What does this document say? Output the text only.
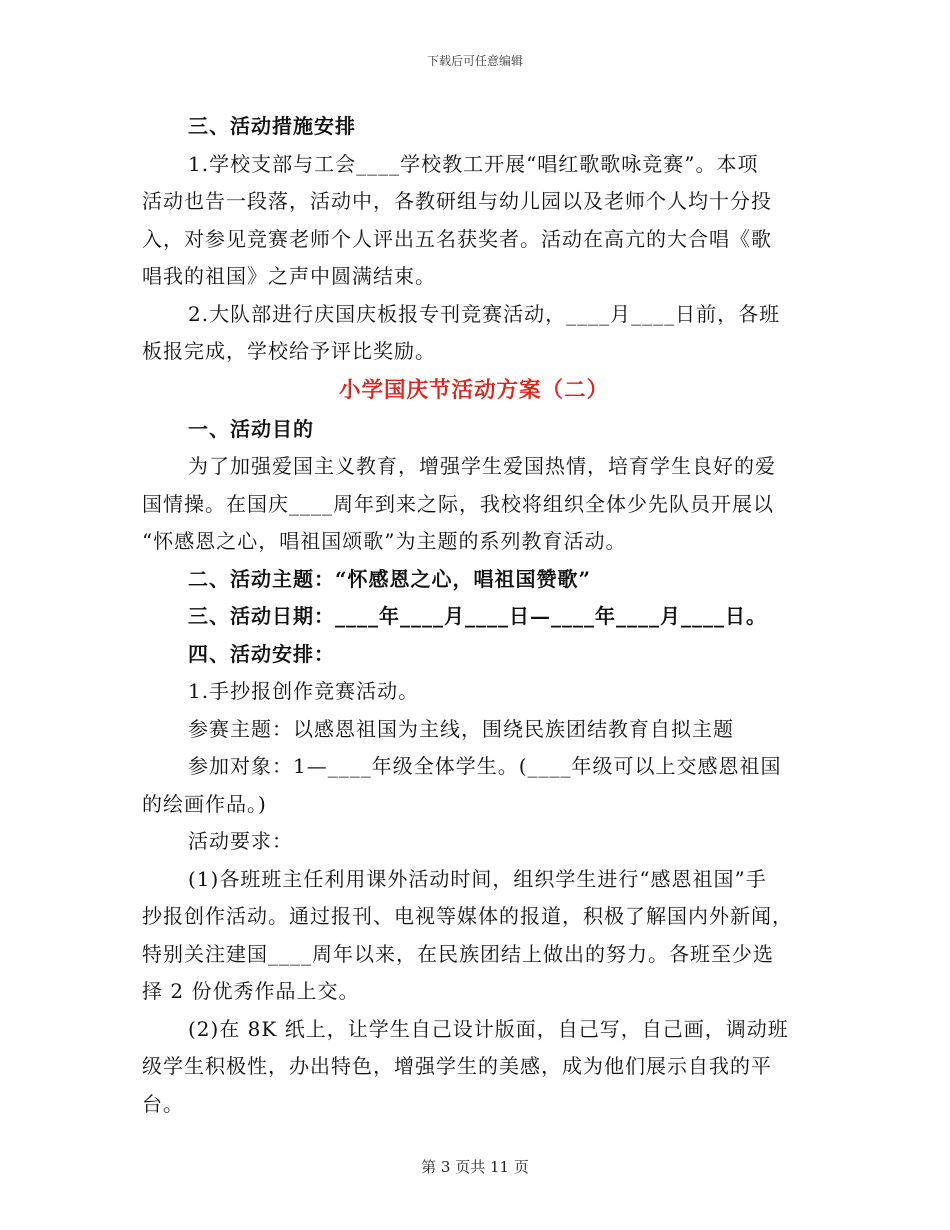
下载后可任意编辑
三、活动措施安排
1.学校支部与工会____学校教工开展“唱红歌歌咏竞赛”。本项
活动也告一段落，活动中，各教研组与幼儿园以及老师个人均十分投
入，对参见竞赛老师个人评出五名获奖者。活动在高亢的大合唱《歌
唱我的祖国》之声中圆满结束。
2.大队部进行庆国庆板报专刊竞赛活动，____月____日前，各班
板报完成，学校给予评比奖励。
小学国庆节活动方案（二）
一、活动目的
为了加强爱国主义教育，增强学生爱国热情，培育学生良好的爱
国情操。在国庆____周年到来之际，我校将组织全体少先队员开展以
“怀感恩之心，唱祖国颂歌”为主题的系列教育活动。
二、活动主题：“怀感恩之心，唱祖国赞歌”
三、活动日期：____年____月____日—____年____月____日。
四、活动安排：
1.手抄报创作竞赛活动。
参赛主题：以感恩祖国为主线，围绕民族团结教育自拟主题
参加对象：1—____年级全体学生。(____年级可以上交感恩祖国
的绘画作品。)
活动要求：
(1)各班班主任利用课外活动时间，组织学生进行“感恩祖国”手
抄报创作活动。通过报刊、电视等媒体的报道，积极了解国内外新闻，
特别关注建国____周年以来，在民族团结上做出的努力。各班至少选
择 2 份优秀作品上交。
(2)在 8K 纸上，让学生自己设计版面，自己写，自己画，调动班
级学生积极性，办出特色，增强学生的美感，成为他们展示自我的平
台。
第 3 页共 11 页
